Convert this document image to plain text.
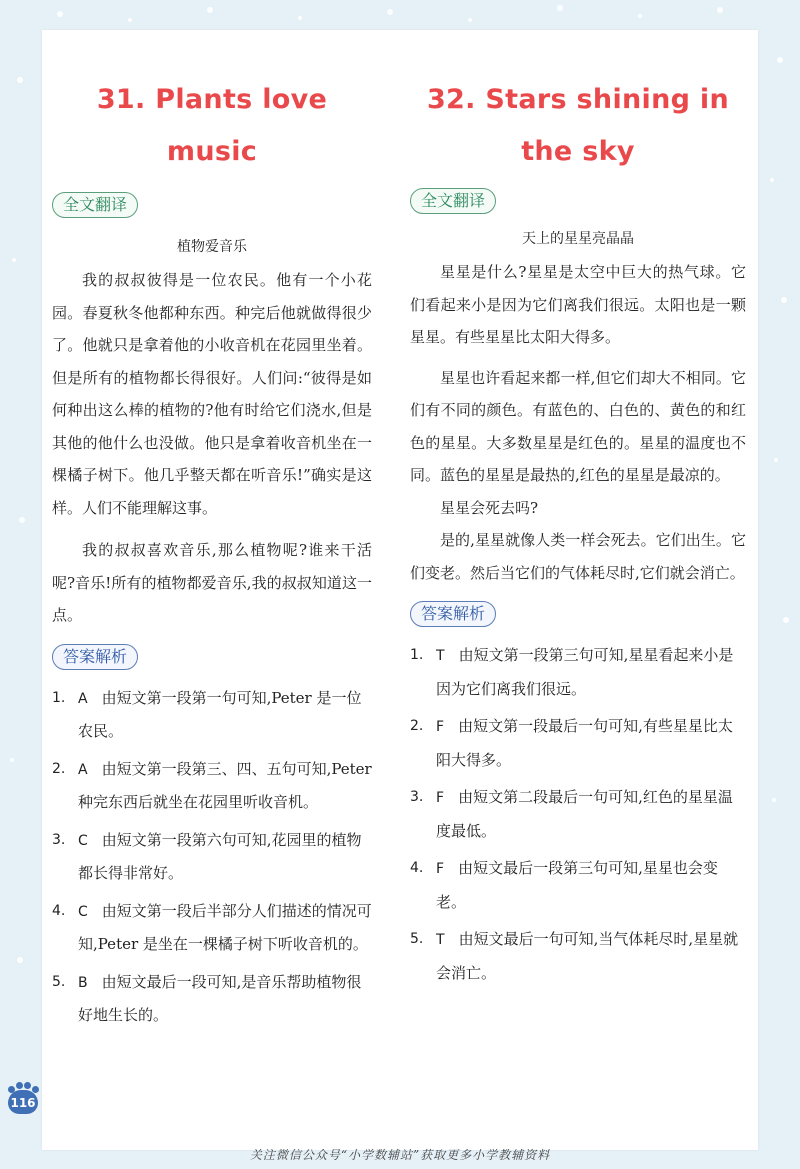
31. Plants love music
全文翻译

植物爱音乐

我的叔叔彼得是一位农民。他有一个小花园。春夏秋冬他都种东西。种完后他就做得很少了。他就只是拿着他的小收音机在花园里坐着。但是所有的植物都长得很好。人们问:“彼得是如何种出这么棒的植物的?他有时给它们浇水,但是其他的他什么也没做。他只是拿着收音机坐在一棵橘子树下。他几乎整天都在听音乐!”确实是这样。人们不能理解这事。

我的叔叔喜欢音乐,那么植物呢?谁来干活呢?音乐!所有的植物都爱音乐,我的叔叔知道这一点。

答案解析
1. A 由短文第一段第一句可知,Peter 是一位农民。
2. A 由短文第一段第三、四、五句可知,Peter 种完东西后就坐在花园里听收音机。
3. C 由短文第一段第六句可知,花园里的植物都长得非常好。
4. C 由短文第一段后半部分人们描述的情况可知,Peter 是坐在一棵橘子树下听收音机的。
5. B 由短文最后一段可知,是音乐帮助植物很好地生长的。
32. Stars shining in the sky
全文翻译

天上的星星亮晶晶

星星是什么?星星是太空中巨大的热气球。它们看起来小是因为它们离我们很远。太阳也是一颗星星。有些星星比太阳大得多。

星星也许看起来都一样,但它们却大不相同。它们有不同的颜色。有蓝色的、白色的、黄色的和红色的星星。大多数星星是红色的。星星的温度也不同。蓝色的星星是最热的,红色的星星是最凉的。

星星会死去吗?

是的,星星就像人类一样会死去。它们出生。它们变老。然后当它们的气体耗尽时,它们就会消亡。

答案解析
1. T 由短文第一段第三句可知,星星看起来小是因为它们离我们很远。
2. F 由短文第一段最后一句可知,有些星星比太阳大得多。
3. F 由短文第二段最后一句可知,红色的星星温度最低。
4. F 由短文最后一段第三句可知,星星也会变老。
5. T 由短文最后一句可知,当气体耗尽时,星星就会消亡。
116
关注微信公众号“小学数辅站”获取更多小学教辅资料
